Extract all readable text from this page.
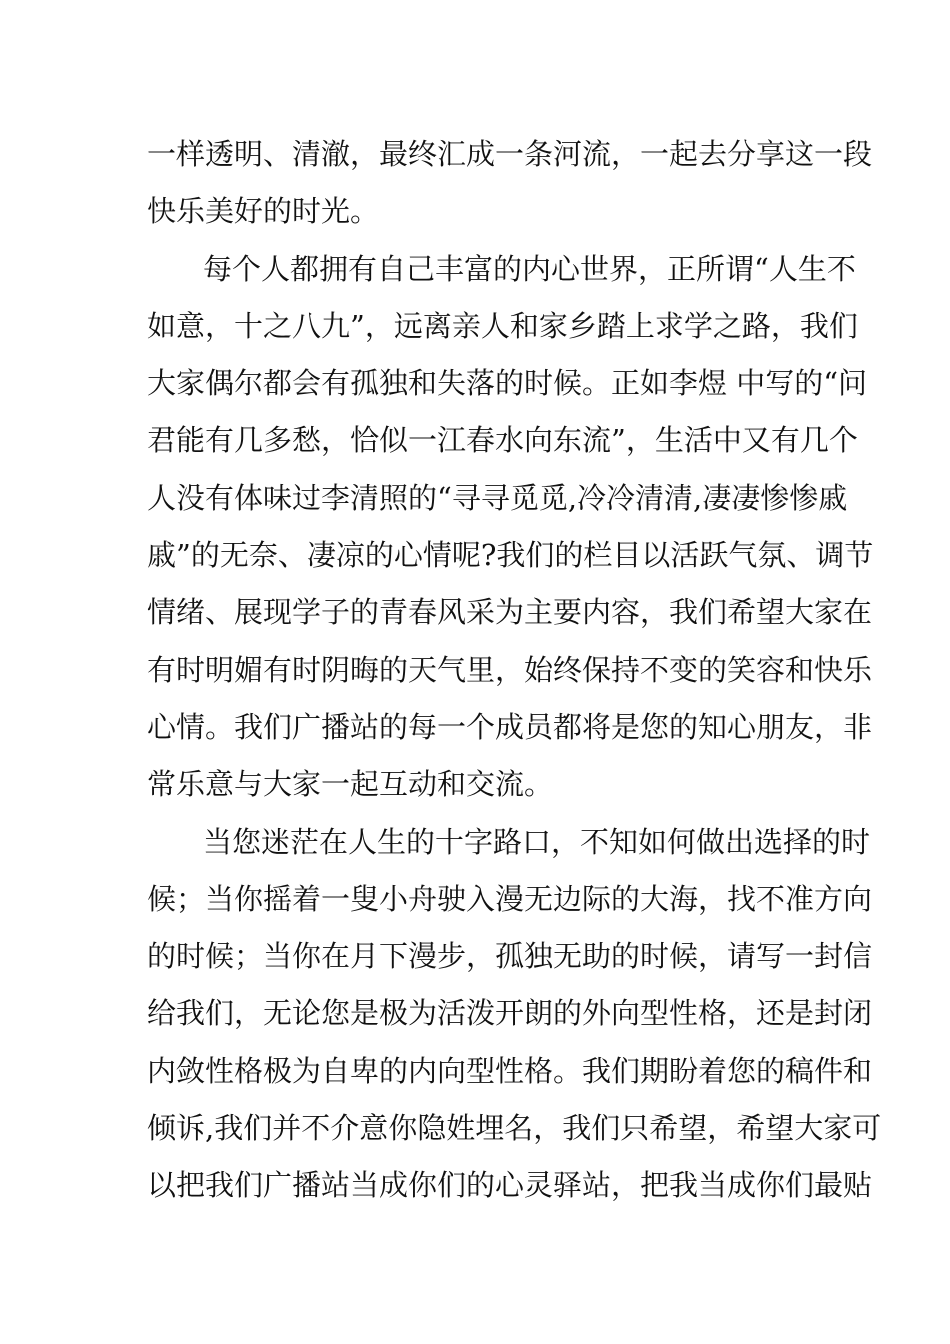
一样透明、清澈，最终汇成一条河流，一起去分享这一段
快乐美好的时光。
每个人都拥有自己丰富的内心世界，正所谓“人生不
如意，十之八九”，远离亲人和家乡踏上求学之路，我们
大家偶尔都会有孤独和失落的时候。正如李煜 中写的“问
君能有几多愁，恰似一江春水向东流”，生活中又有几个
人没有体味过李清照的“寻寻觅觅,冷冷清清,凄凄惨惨戚
戚”的无奈、凄凉的心情呢?我们的栏目以活跃气氛、调节
情绪、展现学子的青春风采为主要内容，我们希望大家在
有时明媚有时阴晦的天气里，始终保持不变的笑容和快乐
心情。我们广播站的每一个成员都将是您的知心朋友，非
常乐意与大家一起互动和交流。
当您迷茫在人生的十字路口，不知如何做出选择的时
候；当你摇着一叟小舟驶入漫无边际的大海，找不准方向
的时候；当你在月下漫步，孤独无助的时候，请写一封信
给我们，无论您是极为活泼开朗的外向型性格，还是封闭
内敛性格极为自卑的内向型性格。我们期盼着您的稿件和
倾诉,我们并不介意你隐姓埋名，我们只希望，希望大家可
以把我们广播站当成你们的心灵驿站，把我当成你们最贴
